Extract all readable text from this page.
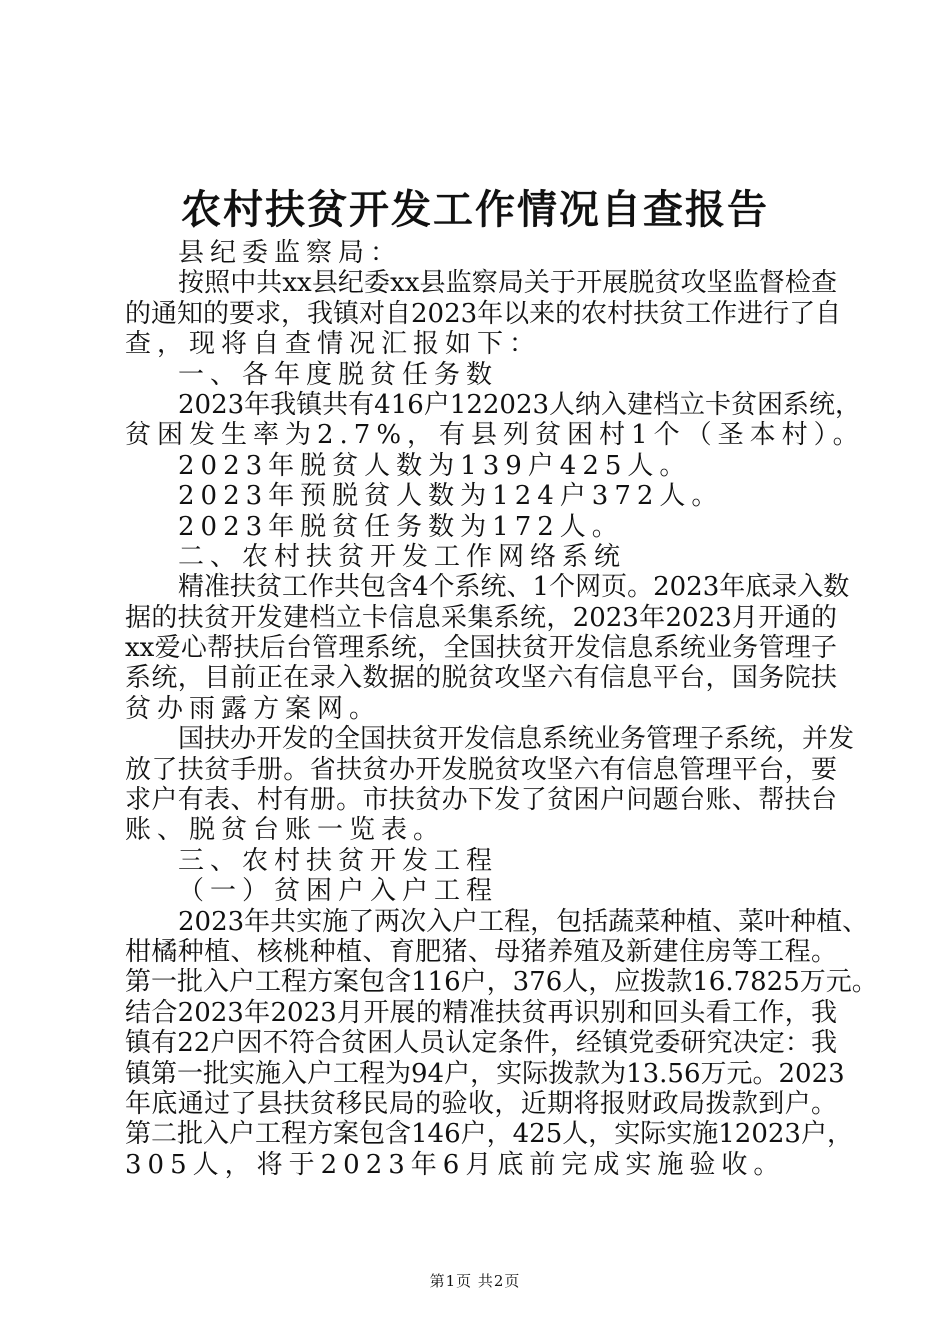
农村扶贫开发工作情况自查报告
县纪委监察局：
按照中共xx县纪委xx县监察局关于开展脱贫攻坚监督检查
的通知的要求，我镇对自2023年以来的农村扶贫工作进行了自
查，现将自查情况汇报如下：
一、各年度脱贫任务数
2023年我镇共有416户122023人纳入建档立卡贫困系统，
贫困发生率为2.7%，有县列贫困村1个（圣本村）。
2023年脱贫人数为139户425人。
2023年预脱贫人数为124户372人。
2023年脱贫任务数为172人。
二、农村扶贫开发工作网络系统
精准扶贫工作共包含4个系统、1个网页。2023年底录入数
据的扶贫开发建档立卡信息采集系统，2023年2023月开通的
xx爱心帮扶后台管理系统，全国扶贫开发信息系统业务管理子
系统，目前正在录入数据的脱贫攻坚六有信息平台，国务院扶
贫办雨露方案网。
国扶办开发的全国扶贫开发信息系统业务管理子系统，并发
放了扶贫手册。省扶贫办开发脱贫攻坚六有信息管理平台，要
求户有表、村有册。市扶贫办下发了贫困户问题台账、帮扶台
账、脱贫台账一览表。
三、农村扶贫开发工程
（一）贫困户入户工程
2023年共实施了两次入户工程，包括蔬菜种植、菜叶种植、
柑橘种植、核桃种植、育肥猪、母猪养殖及新建住房等工程。
第一批入户工程方案包含116户，376人，应拨款16.7825万元。
结合2023年2023月开展的精准扶贫再识别和回头看工作，我
镇有22户因不符合贫困人员认定条件，经镇党委研究决定：我
镇第一批实施入户工程为94户，实际拨款为13.56万元。2023
年底通过了县扶贫移民局的验收，近期将报财政局拨款到户。
第二批入户工程方案包含146户，425人，实际实施12023户，
305人，将于2023年6月底前完成实施验收。
第1页 共2页
